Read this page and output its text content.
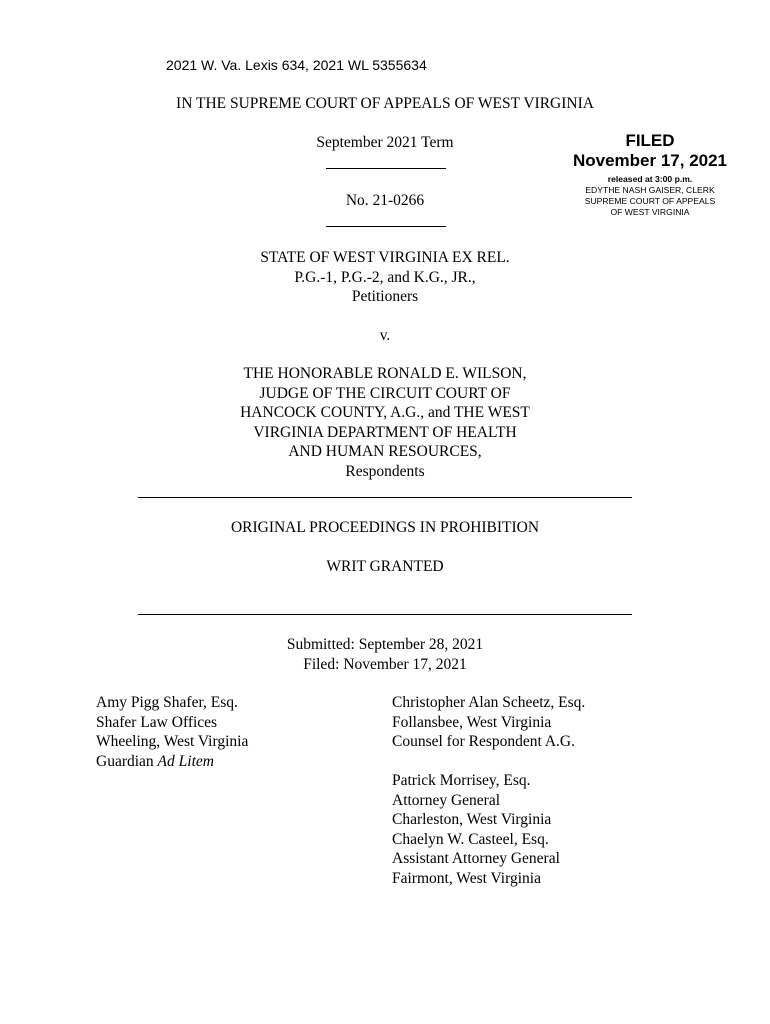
2021 W. Va. Lexis 634, 2021 WL 5355634
IN THE SUPREME COURT OF APPEALS OF WEST VIRGINIA
September 2021 Term
No. 21-0266
FILED
November 17, 2021
released at 3:00 p.m.
EDYTHE NASH GAISER, CLERK
SUPREME COURT OF APPEALS
OF WEST VIRGINIA
STATE OF WEST VIRGINIA EX REL.
P.G.-1, P.G.-2, and K.G., JR.,
Petitioners
v.
THE HONORABLE RONALD E. WILSON,
JUDGE OF THE CIRCUIT COURT OF
HANCOCK COUNTY, A.G., and THE WEST
VIRGINIA DEPARTMENT OF HEALTH
AND HUMAN RESOURCES,
Respondents
ORIGINAL PROCEEDINGS IN PROHIBITION
WRIT GRANTED
Submitted: September 28, 2021
Filed: November 17, 2021
Amy Pigg Shafer, Esq.
Shafer Law Offices
Wheeling, West Virginia
Guardian Ad Litem
Christopher Alan Scheetz, Esq.
Follansbee, West Virginia
Counsel for Respondent A.G.
Patrick Morrisey, Esq.
Attorney General
Charleston, West Virginia
Chaelyn W. Casteel, Esq.
Assistant Attorney General
Fairmont, West Virginia
